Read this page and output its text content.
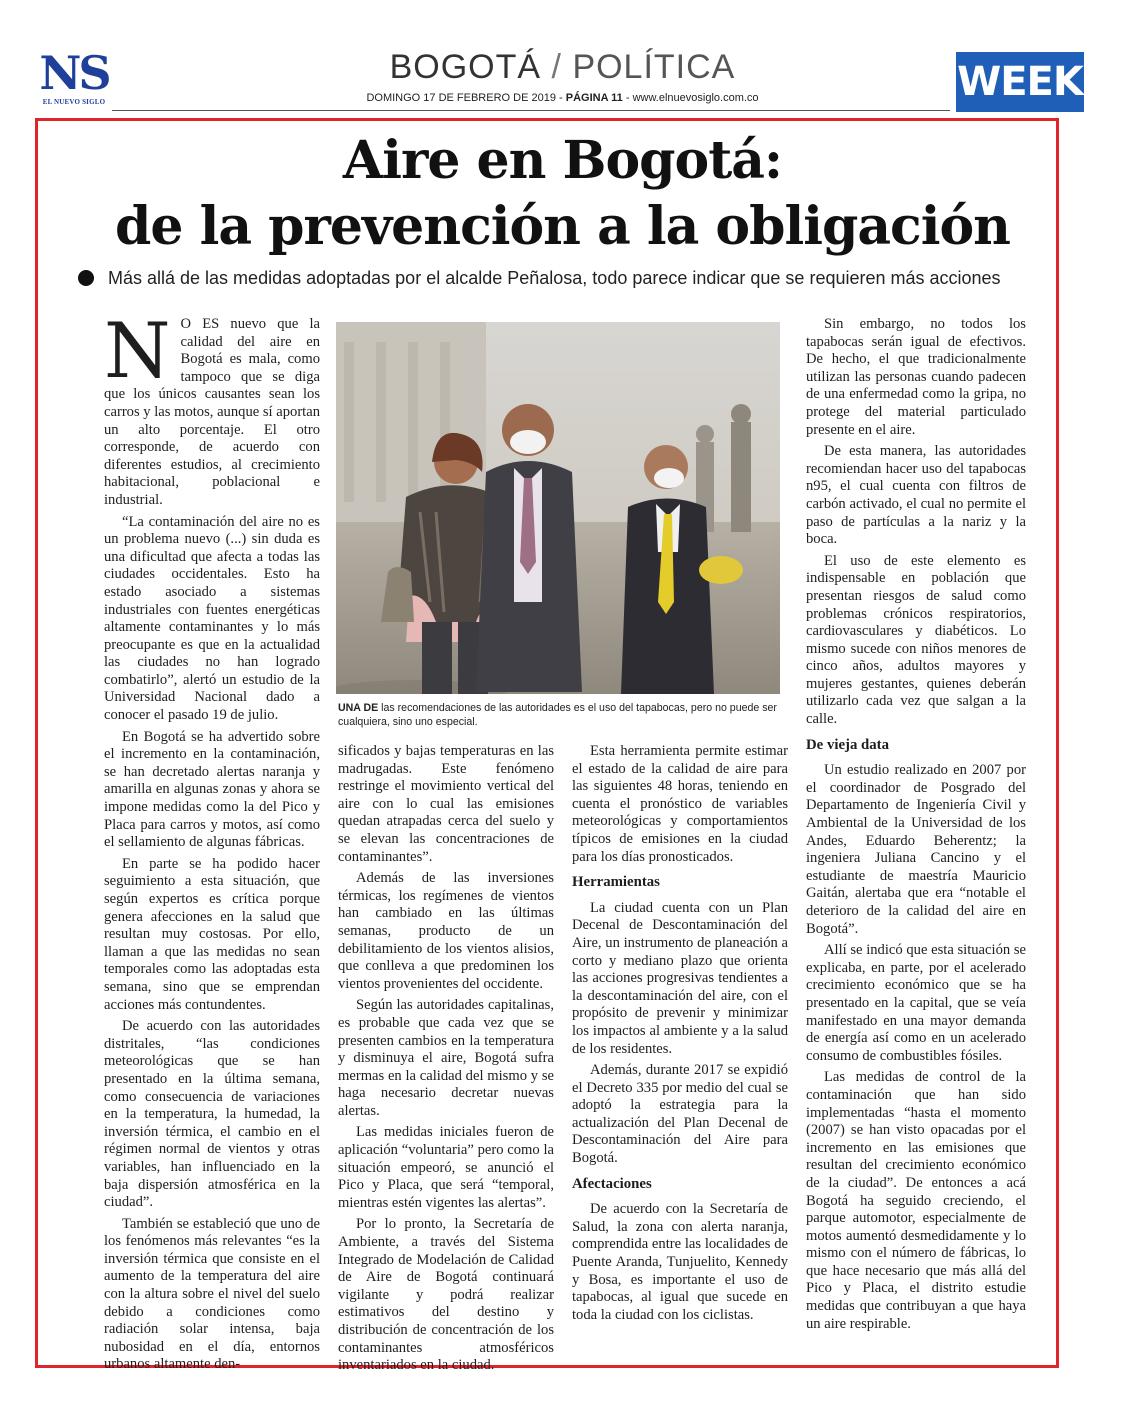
NS
EL NUEVO SIGLO
BOGOTÁ / POLÍTICA
DOMINGO 17 DE FEBRERO DE 2019 - PÁGINA 11 - www.elnuevosiglo.com.co	WEEK
Aire en Bogotá:
de la prevención a la obligación
Más allá de las medidas adoptadas por el alcalde Peñalosa, todo parece indicar que se requieren más acciones

N O ES nuevo que la calidad del aire en Bogotá es mala, como tampoco que se diga que los únicos causantes sean los carros y las motos, aunque sí aportan un alto porcentaje. El otro corresponde, de acuerdo con diferentes estudios, al crecimiento habitacional, poblacional e industrial.

“La contaminación del aire no es un problema nuevo (...) sin duda es una dificultad que afecta a todas las ciudades occidentales. Esto ha estado asociado a sistemas industriales con fuentes energéticas altamente contaminantes y lo más preocupante es que en la actualidad las ciudades no han logrado combatirlo”, alertó un estudio de la Universidad Nacional dado a conocer el pasado 19 de julio.

En Bogotá se ha advertido sobre el incremento en la contaminación, se han decretado alertas naranja y amarilla en algunas zonas y ahora se impone medidas como la del Pico y Placa para carros y motos, así como el sellamiento de algunas fábricas.

En parte se ha podido hacer seguimiento a esta situación, que según expertos es crítica porque genera afecciones en la salud que resultan muy costosas. Por ello, llaman a que las medidas no sean temporales como las adoptadas esta semana, sino que se emprendan acciones más contundentes.

De acuerdo con las autoridades distritales, “las condiciones meteorológicas que se han presentado en la última semana, como consecuencia de variaciones en la temperatura, la humedad, la inversión térmica, el cambio en el régimen normal de vientos y otras variables, han influenciado en la baja dispersión atmosférica en la ciudad”.

También se estableció que uno de los fenómenos más relevantes “es la inversión térmica que consiste en el aumento de la temperatura del aire con la altura sobre el nivel del suelo debido a condiciones como radiación solar intensa, baja nubosidad en el día, entornos urbanos altamente den-

UNA DE las recomendaciones de las autoridades es el uso del tapabocas, pero no puede ser cualquiera, sino uno especial.

sificados y bajas temperaturas en las madrugadas. Este fenómeno restringe el movimiento vertical del aire con lo cual las emisiones quedan atrapadas cerca del suelo y se elevan las concentraciones de contaminantes”.

Además de las inversiones térmicas, los regímenes de vientos han cambiado en las últimas semanas, producto de un debilitamiento de los vientos alisios, que conlleva a que predominen los vientos provenientes del occidente.

Según las autoridades capitalinas, es probable que cada vez que se presenten cambios en la temperatura y disminuya el aire, Bogotá sufra mermas en la calidad del mismo y se haga necesario decretar nuevas alertas.

Las medidas iniciales fueron de aplicación “voluntaria” pero como la situación empeoró, se anunció el Pico y Placa, que será “temporal, mientras estén vigentes las alertas”.

Por lo pronto, la Secretaría de Ambiente, a través del Sistema Integrado de Modelación de Calidad de Aire de Bogotá continuará vigilante y podrá realizar estimativos del destino y distribución de concentración de los contaminantes atmosféricos inventariados en la ciudad.

Esta herramienta permite estimar el estado de la calidad de aire para las siguientes 48 horas, teniendo en cuenta el pronóstico de variables meteorológicas y comportamientos típicos de emisiones en la ciudad para los días pronosticados.

Herramientas

La ciudad cuenta con un Plan Decenal de Descontaminación del Aire, un instrumento de planeación a corto y mediano plazo que orienta las acciones progresivas tendientes a la descontaminación del aire, con el propósito de prevenir y minimizar los impactos al ambiente y a la salud de los residentes.

Además, durante 2017 se expidió el Decreto 335 por medio del cual se adoptó la estrategia para la actualización del Plan Decenal de Descontaminación del Aire para Bogotá.

Afectaciones

De acuerdo con la Secretaría de Salud, la zona con alerta naranja, comprendida entre las localidades de Puente Aranda, Tunjuelito, Kennedy y Bosa, es importante el uso de tapabocas, al igual que sucede en toda la ciudad con los ciclistas.

Sin embargo, no todos los tapabocas serán igual de efectivos. De hecho, el que tradicionalmente utilizan las personas cuando padecen de una enfermedad como la gripa, no protege del material particulado presente en el aire.

De esta manera, las autoridades recomiendan hacer uso del tapabocas n95, el cual cuenta con filtros de carbón activado, el cual no permite el paso de partículas a la nariz y la boca.

El uso de este elemento es indispensable en población que presentan riesgos de salud como problemas crónicos respiratorios, cardiovasculares y diabéticos. Lo mismo sucede con niños menores de cinco años, adultos mayores y mujeres gestantes, quienes deberán utilizarlo cada vez que salgan a la calle.

De vieja data

Un estudio realizado en 2007 por el coordinador de Posgrado del Departamento de Ingeniería Civil y Ambiental de la Universidad de los Andes, Eduardo Beherentz; la ingeniera Juliana Cancino y el estudiante de maestría Mauricio Gaitán, alertaba que era “notable el deterioro de la calidad del aire en Bogotá”.

Allí se indicó que esta situación se explicaba, en parte, por el acelerado crecimiento económico que se ha presentado en la capital, que se veía manifestado en una mayor demanda de energía así como en un acelerado consumo de combustibles fósiles.

Las medidas de control de la contaminación que han sido implementadas “hasta el momento (2007) se han visto opacadas por el incremento en las emisiones que resultan del crecimiento económico de la ciudad”. De entonces a acá Bogotá ha seguido creciendo, el parque automotor, especialmente de motos aumentó desmedidamente y lo mismo con el número de fábricas, lo que hace necesario que más allá del Pico y Placa, el distrito estudie medidas que contribuyan a que haya un aire respirable.
